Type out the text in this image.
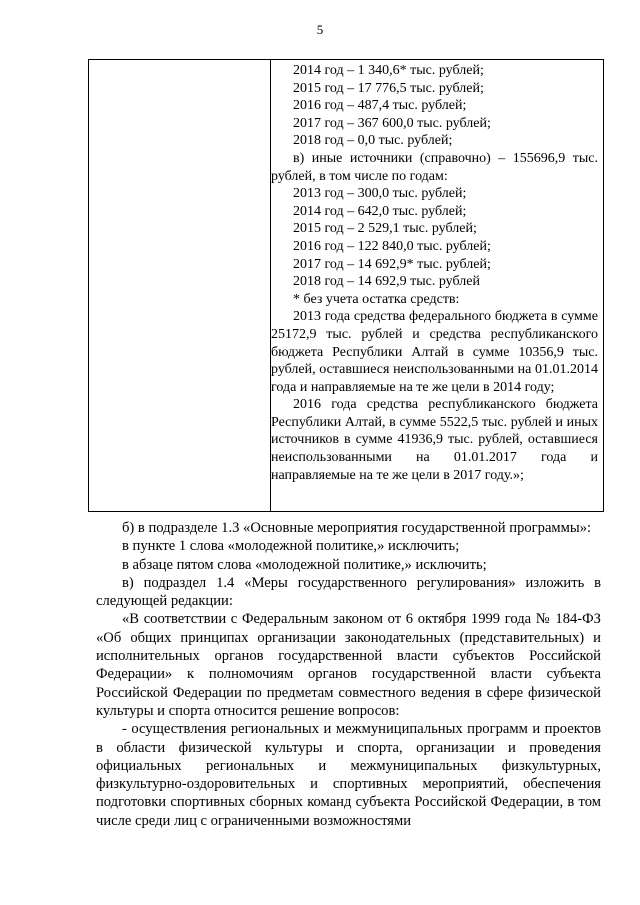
5

2014 год – 1 340,6* тыс. рублей;

2015 год – 17 776,5 тыс. рублей;

2016 год – 487,4 тыс. рублей;

2017 год – 367 600,0 тыс. рублей;

2018 год – 0,0 тыс. рублей;

в) иные источники (справочно) – 155696,9 тыс. рублей, в том числе по годам:

2013 год – 300,0 тыс. рублей;

2014 год – 642,0 тыс. рублей;

2015 год – 2 529,1 тыс. рублей;

2016 год – 122 840,0 тыс. рублей;

2017 год – 14 692,9* тыс. рублей;

2018 год – 14 692,9 тыс. рублей

* без учета остатка средств:

2013 года средства федерального бюджета в сумме 25172,9 тыс. рублей и средства республиканского бюджета Республики Алтай в сумме 10356,9 тыс. рублей, оставшиеся неиспользованными на 01.01.2014 года и направляемые на те же цели в 2014 году;

2016 года средства республиканского бюджета Республики Алтай, в сумме 5522,5 тыс. рублей и иных источников в сумме 41936,9 тыс. рублей, оставшиеся неиспользованными на 01.01.2017 года и направляемые на те же цели в 2017 году.»;

б) в подразделе 1.3 «Основные мероприятия государственной программы»:

в пункте 1 слова «молодежной политике,» исключить;

в абзаце пятом слова «молодежной политике,» исключить;

в) подраздел 1.4 «Меры государственного регулирования» изложить в следующей редакции:

«В соответствии с Федеральным законом от 6 октября 1999 года № 184-ФЗ «Об общих принципах организации законодательных (представительных) и исполнительных органов государственной власти субъектов Российской Федерации» к полномочиям органов государственной власти субъекта Российской Федерации по предметам совместного ведения в сфере физической культуры и спорта относится решение вопросов:

- осуществления региональных и межмуниципальных программ и проектов в области физической культуры и спорта, организации и проведения официальных региональных и межмуниципальных физкультурных, физкультурно-оздоровительных и спортивных мероприятий, обеспечения подготовки спортивных сборных команд субъекта Российской Федерации, в том числе среди лиц с ограниченными возможностями
